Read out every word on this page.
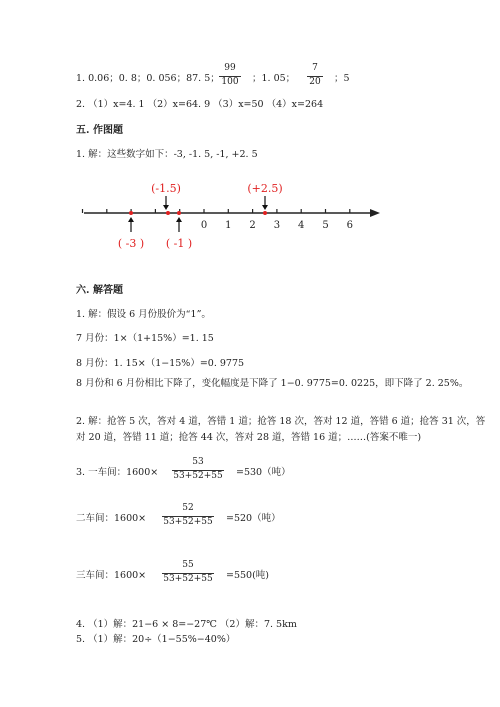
1. 0.06；0. 8；0. 056；87. 5；
99
100 ；1. 05；
7
20 ；5
2. （1）x=4. 1 （2）x=64. 9 （3）x=50 （4）x=264
五. 作图题
1. 解：这些数字如下：-3, -1. 5, -1, +2. 5
0 1 2 3 4 5 6
(-1.5)	(+2.5)
( -3 ) ( -1 )
六. 解答题
1. 解：假设 6 月份股价为“1”。
7 月份：1×（1+15%）=1. 15
8 月份：1. 15×（1−15%）=0. 9775
8 月份和 6 月份相比下降了，变化幅度是下降了 1−0. 9775=0. 0225，即下降了 2. 25%。
2. 解：抢答 5 次，答对 4 道，答错 1 道；抢答 18 次，答对 12 道，答错 6 道；抢答 31 次，答对 20 道，答错 11 道；抢答 44 次，答对 28 道，答错 16 道；……(答案不唯一)
3. 一车间：1600×
53
53+52+55 =530（吨）
二车间：1600×
52
53+52+55 =520（吨）
三车间：1600×
55
53+52+55 =550(吨)
4. （1）解：21−6 × 8=−27℃ （2）解：7. 5km
5. （1）解：20÷（1−55%−40%）
